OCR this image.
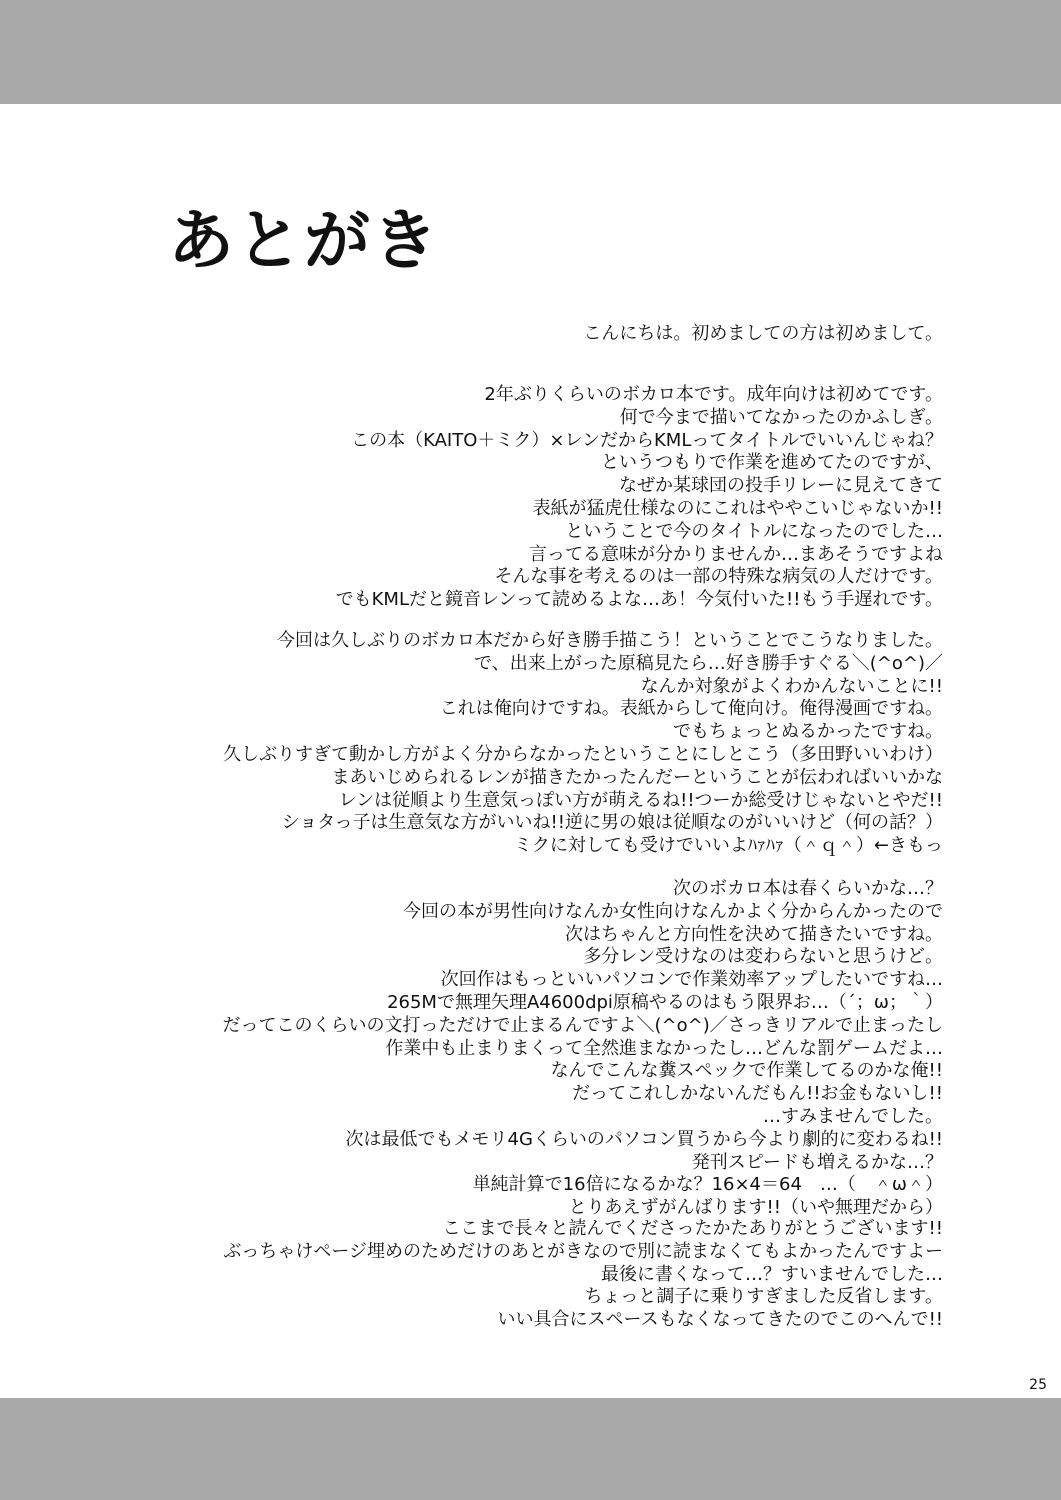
あとがき
こんにちは。初めましての方は初めまして。
2年ぶりくらいのボカロ本です。成年向けは初めてです。
何で今まで描いてなかったのかふしぎ。
この本（KAITO＋ミク）×レンだからKMLってタイトルでいいんじゃね？
というつもりで作業を進めてたのですが、
なぜか某球団の投手リレーに見えてきて
表紙が猛虎仕様なのにこれはややこいじゃないか!!
ということで今のタイトルになったのでした…
言ってる意味が分かりませんか…まあそうですよね
そんな事を考えるのは一部の特殊な病気の人だけです。
でもKMLだと鏡音レンって読めるよな…あ！今気付いた!!もう手遅れです。
今回は久しぶりのボカロ本だから好き勝手描こう！ということでこうなりました。
で、出来上がった原稿見たら…好き勝手すぐる＼(^o^)／
なんか対象がよくわかんないことに!!
これは俺向けですね。表紙からして俺向け。俺得漫画ですね。
でもちょっとぬるかったですね。
久しぶりすぎて動かし方がよく分からなかったということにしとこう（多田野いいわけ）
まあいじめられるレンが描きたかったんだーということが伝わればいいかな
レンは従順より生意気っぽい方が萌えるね!!つーか総受けじゃないとやだ!!
ショタっ子は生意気な方がいいね!!逆に男の娘は従順なのがいいけど（何の話？）
ミクに対しても受けでいいよﾊｧﾊｧ（＾ｑ＾）←きもっ
次のボカロ本は春くらいかな…？
今回の本が男性向けなんか女性向けなんかよく分からんかったので
次はちゃんと方向性を決めて描きたいですね。
多分レン受けなのは変わらないと思うけど。
次回作はもっといいパソコンで作業効率アップしたいですね…
265Mで無理矢理A4600dpi原稿やるのはもう限界お…（´；ω；｀）
だってこのくらいの文打っただけで止まるんですよ＼(^o^)／さっきリアルで止まったし
作業中も止まりまくって全然進まなかったし…どんな罰ゲームだよ…
なんでこんな糞スペックで作業してるのかな俺!!
だってこれしかないんだもん!!お金もないし!!
…すみませんでした。
次は最低でもメモリ4Gくらいのパソコン買うから今より劇的に変わるね!!
発刊スピードも増えるかな…？
単純計算で16倍になるかな？16×4＝64　…（　＾ω＾）
とりあえずがんばります!!（いや無理だから）
ここまで長々と読んでくださったかたありがとうございます!!
ぶっちゃけページ埋めのためだけのあとがきなので別に読まなくてもよかったんですよー
最後に書くなって…？すいませんでした…
ちょっと調子に乗りすぎました反省します。
いい具合にスペースもなくなってきたのでこのへんで!!
25
